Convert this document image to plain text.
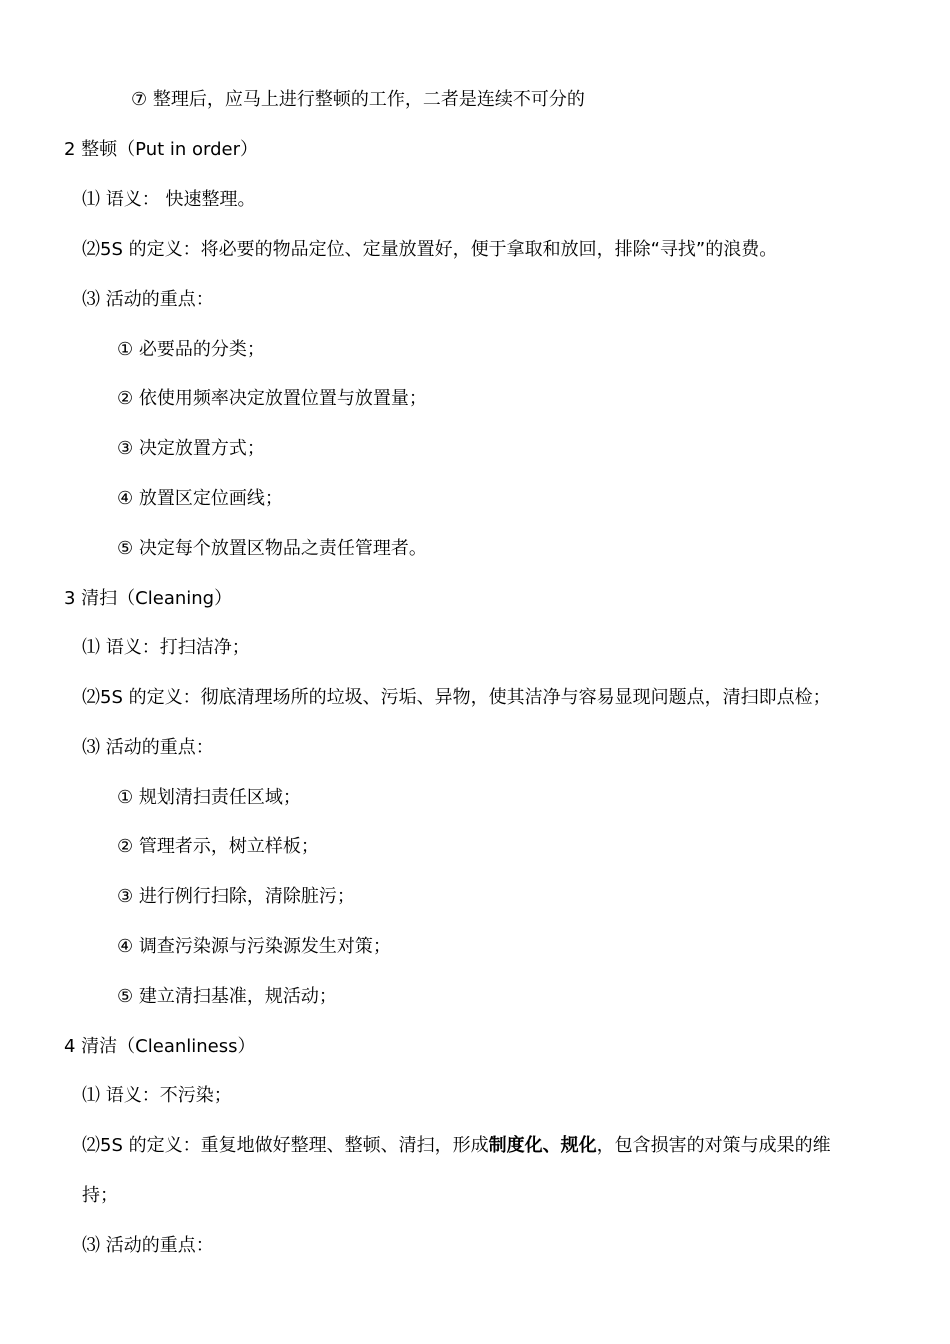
⑦ 整理后，应马上进行整顿的工作，二者是连续不可分的
2 整顿（Put in order）
⑴ 语义： 快速整理。
⑵5S 的定义：将必要的物品定位、定量放置好，便于拿取和放回，排除“寻找”的浪费。
⑶ 活动的重点：
① 必要品的分类；
② 依使用频率决定放置位置与放置量；
③ 决定放置方式；
④ 放置区定位画线；
⑤ 决定每个放置区物品之责任管理者。
3 清扫（Cleaning）
⑴ 语义：打扫洁净；
⑵5S 的定义：彻底清理场所的垃圾、污垢、异物，使其洁净与容易显现问题点，清扫即点检；
⑶ 活动的重点：
① 规划清扫责任区域；
② 管理者示，树立样板；
③ 进行例行扫除，清除脏污；
④ 调查污染源与污染源发生对策；
⑤ 建立清扫基准，规活动；
4 清洁（Cleanliness）
⑴ 语义：不污染；
⑵5S 的定义：重复地做好整理、整顿、清扫，形成制度化、规化，包含损害的对策与成果的维
持；
⑶ 活动的重点：
